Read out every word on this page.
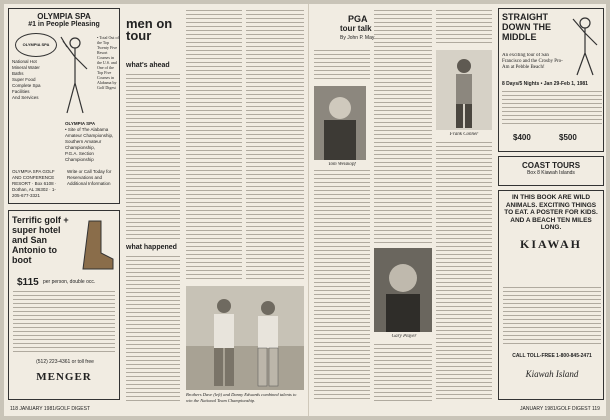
OLYMPIA SPA
#1 in People Pleasing
OLYMPIA SPA
• Total Out of the Top Twenty Five Resort Courses in the U.S. and One of the Top Five Courses in Alabama by Golf Digest
National Hot Mineral Water Baths
Super Food
Complete Spa Facilities
And Services
OLYMPIA SPA
• Site of The Alabama Amateur Championship,
Southern Amateur Championship,
P.G.A. Section Championship
OLYMPIA SPA GOLF AND CONFERENCE RESORT · Box 6108 · Dothan, AL 36302 · 1-205-677-3321
Write or Call Today for Reservations and Additional Information
Terrific golf + super hotel and San Antonio to boot
$115 per person, double occ.
(512) 223-4361 or toll free
MENGER
men on tour
what's ahead
what happened
Brothers Dave (left) and Danny Edwards combined talents to win the National Team Championship.
118 JANUARY 1981/GOLF DIGEST
PGA
tour talk
By John P. May
Tom Weiskopf
Gary Player
Frank Conner
STRAIGHT DOWN THE MIDDLE
An exciting tour of San Francisco and the Crosby Pro-Am at Pebble Beach!
8 Days/5 Nights • Jan 29-Feb 1, 1981
$400	$500
COAST TOURS
Box 8 Kiawah Islands
IN THIS BOOK ARE WILD ANIMALS. EXCITING THINGS TO EAT. A POSTER FOR KIDS. AND A BEACH TEN MILES LONG.
KIAWAH
CALL TOLL-FREE 1-800-845-2471
Kiawah Island
JANUARY 1981/GOLF DIGEST 119
